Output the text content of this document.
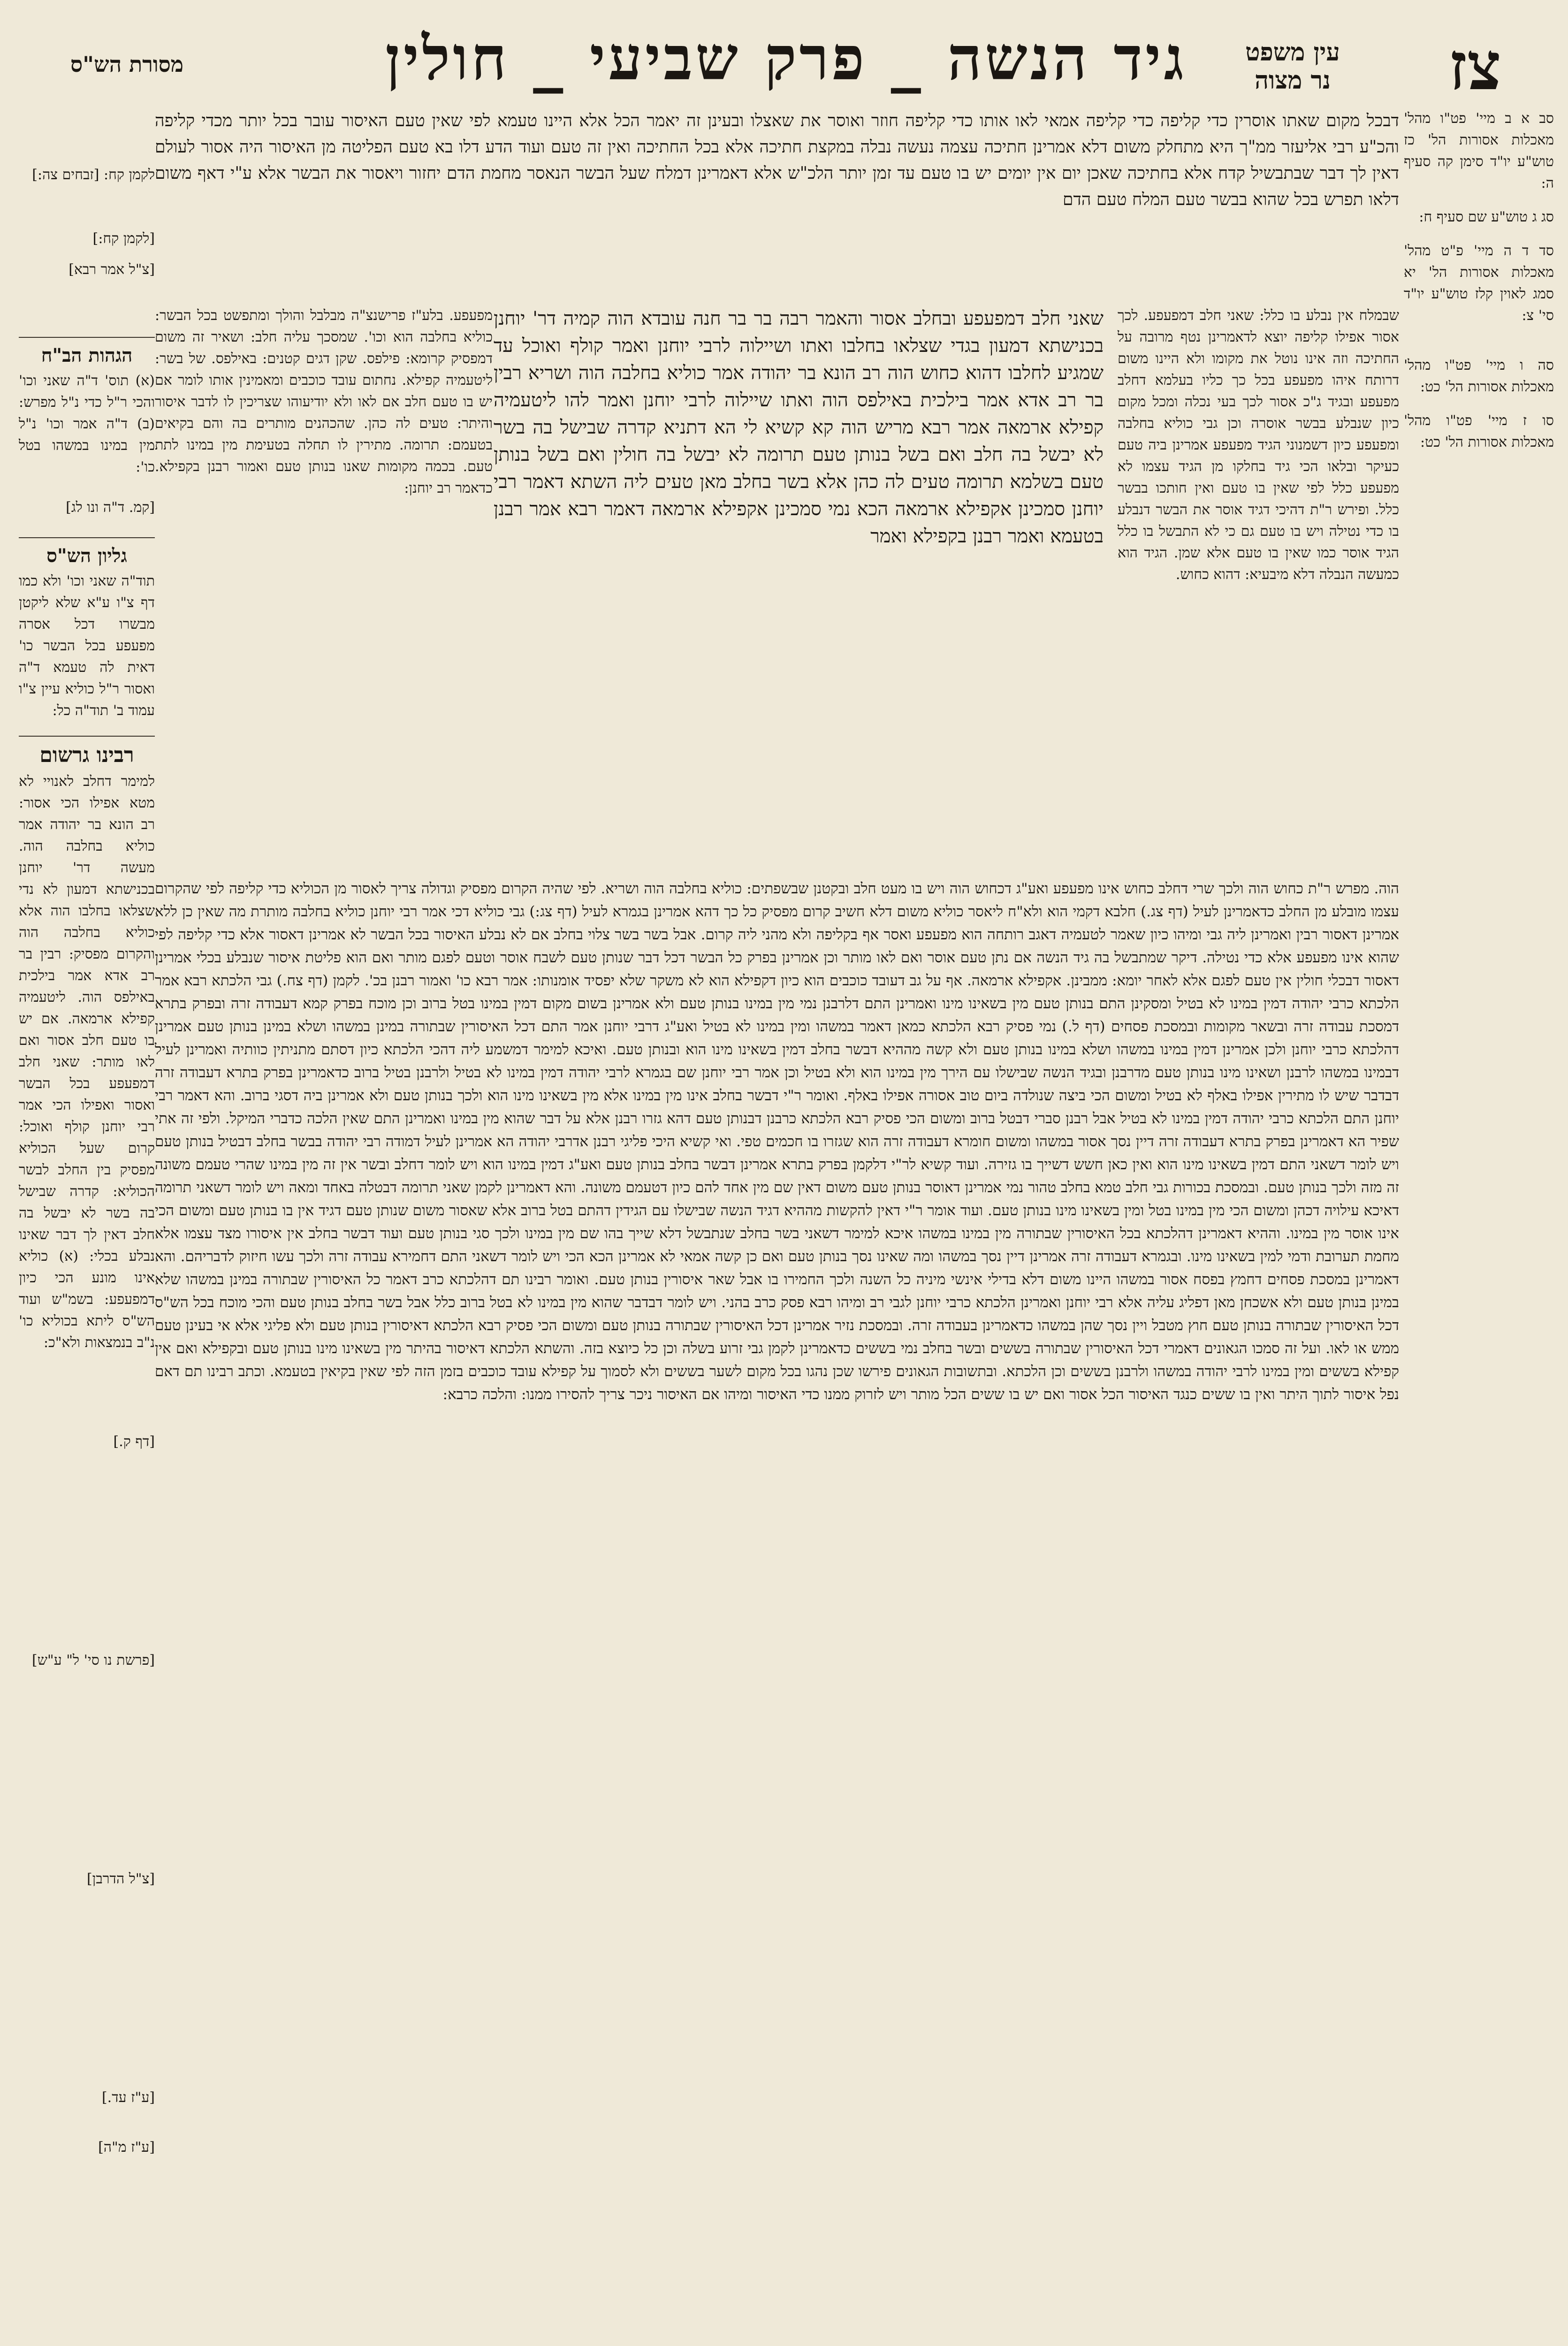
צז
עין משפט
נר מצוה
גיד הנשה _ פרק שביעי _ חולין
מסורת הש"ס
סב א ב מיי' פט"ו מהל' מאכלות אסורות הל' כז טוש"ע יו"ד סימן קה סעיף ה:
סג ג טוש"ע שם סעיף ח:
סד ד ה מיי' פ"ט מהל' מאכלות אסורות הל' יא סמג לאוין קלז טוש"ע יו"ד סי' צ:
סה ו מיי' פט"ו מהל' מאכלות אסורות הל' כט:
סו ז מיי' פט"ו מהל' מאכלות אסורות הל' כט:
לקמן קח: [זבחים צה:]
[לקמן קח:]
[צ"ל אמר רבא]
הגהות הב"ח
(א) תוס' ד"ה שאני וכו' והכי ר"ל כדי נ"ל מפרש: (ב) ד"ה אמר וכו' נ"ל מין במינו במשהו בטל כו':
[קמ. ד"ה ונו לג]
גליון הש"ס
תוד"ה שאני וכו' ולא כמו דף צ"ו ע"א שלא ליקטן מבשרו דכל אסרה מפעפע בכל הבשר כו' דאית לה טעמא ד"ה ואסור ר"ל כוליא עיין צ"ו עמוד ב' תוד"ה כל:
רבינו גרשום
למימר דחלב לאנויי לא מטא אפילו הכי אסור: רב הונא בר יהודה אמר כוליא בחלבה הוה. מעשה דר' יוחנן בכנישתא דמעון לא נדי שצלאו בחלבו הוה אלא כוליא בחלבה הוה והקרום מפסיק: רבין בר רב אדא אמר בילכית באילפס הוה. ליטעמיה קפילא ארמאה. אם יש בו טעם חלב אסור ואם לאו מותר: שאני חלב דמפעפע בכל הבשר ואסור ואפילו הכי אמר רבי יוחנן קולף ואוכל: קרום שעל הכוליא מפסיק בין החלב לבשר הכוליא: קדרה שבישל בה בשר לא יבשל בה חלב דאין לך דבר שאינו נבלע בכלי: (א) כוליא אינו מונע הכי כיון דמפעפע: בשמ"ש ועוד הש"ס ליתא בכוליא כו' נ"ב בנמצאות ולא"כ:
דבכל מקום שאתו אוסרין כדי קליפה כדי קליפה אמאי לאו אותו כדי קליפה חוזר ואוסר את שאצלו ובעינן זה יאמר הכל אלא היינו טעמא לפי שאין טעם האיסור עובר בכל יותר מכדי קליפה והכ"ע רבי אליעזר ממ"ך היא מתחלק משום דלא אמרינן חתיכה עצמה נעשה נבלה במקצת חתיכה אלא בכל החתיכה ואין זה טעם ועוד הדע דלו בא טעם הפליטה מן האיסור היה אסור לעולם דאין לך דבר שבתבשיל קדח אלא בחתיכה שאכן יום אין יומים יש בו טעם עד זמן יותר הלכ"ש אלא דאמרינן דמלח שעל הבשר הנאסר מחמת הדם יחזור ויאסור את הבשר אלא ע"י דאף משום דלאו תפרש בכל שהוא בבשר טעם המלח טעם הדם
שבמלח אין נבלע בו כלל: שאני חלב דמפעפע. לכך אסור אפילו קליפה יוצא לדאמרינן נטף מרובה על החתיכה וזה אינו נוטל את מקומו ולא היינו משום דרותח איהו מפעפע בכל כך כליו בעלמא דחלב מפעפע ובגיד ג"כ אסור לכך בעי נכלה ומכל מקום כיון שנבלע בבשר אוסרה וכן גבי כוליא בחלבה ומפעפע כיון דשמנוני הגיד מפעפע אמרינן ביה טעם כעיקר ובלאו הכי גיד בחלקו מן הגיד עצמו לא מפעפע כלל לפי שאין בו טעם ואין חותכו בבשר כלל. ופירש ר"ת דהיכי דגיד אוסר את הבשר דנבלע בו כדי נטילה ויש בו טעם גם כי לא התבשל בו כלל הגיד אוסר כמו שאין בו טעם אלא שמן. הגיד הוא כמעשה הנבלה דלא מיבעיא: דהוא כחוש.
שאני חלב דמפעפע ובחלב אסור והאמר רבה בר בר חנה עובדא הוה קמיה דר' יוחנן בכנישתא דמעון בגדי שצלאו בחלבו ואתו ושיילוה לרבי יוחנן ואמר קולף ואוכל עד שמגיע לחלבו דהוא כחוש הוה רב הונא בר יהודה אמר כוליא בחלבה הוה ושריא רבין בר רב אדא אמר בילכית באילפס הוה ואתו שיילוה לרבי יוחנן ואמר להו ליטעמיה קפילא ארמאה אמר רבא מריש הוה קא קשיא לי הא דתניא קדרה שבישל בה בשר לא יבשל בה חלב ואם בשל בנותן טעם תרומה לא יבשל בה חולין ואם בשל בנותן טעם בשלמא תרומה טעים לה כהן אלא בשר בחלב מאן טעים ליה השתא דאמר רבי יוחנן סמכינן אקפילא ארמאה הכא נמי סמכינן אקפילא ארמאה דאמר רבא אמר רבנן בטעמא ואמר רבנן בקפילא ואמר
מפעפע. בלע"ז פרישנצ"ה מבלבל והולך ומתפשט בכל הבשר: כוליא בחלבה הוא וכו'. שמסכך עליה חלב: ושאיר זה משום דמפסיק קרומא: פילפס. שקן דגים קטנים: באילפס. של בשר: ליטעמיה קפילא. נחתום עובד כוכבים ומאמינין אותו לומר אם יש בו טעם חלב אם לאו ולא יודיעוהו שצריכין לו לדבר איסור והיתר: טעים לה כהן. שהכהנים מותרים בה והם בקיאים בטעמם: תרומה. מתירין לו תחלה בטעימת מין במינו לתת טעם. בכמה מקומות שאנו בנותן טעם ואמור רבנן בקפילא. כדאמר רב יוחנן:
הוה. מפרש ר"ת כחוש הוה ולכך שרי דחלב כחוש אינו מפעפע ואע"ג דכחוש הוה ויש בו מעט חלב ובקטנן שבשפתים: כוליא בחלבה הוה ושריא. לפי שהיה הקרום מפסיק וגדולה צריך לאסור מן הכוליא כדי קליפה לפי שהקרום עצמו מובלע מן החלב כדאמרינן לעיל (דף צג.) חלבא דקמי הוא ולא"ח ליאסר כוליא משום דלא חשיב קרום מפסיק כל כך דהא אמרינן בגמרא לעיל (דף צג:) גבי כוליא דכי אמר רבי יוחנן כוליא בחלבה מותרת מה שאין כן ללא אמרינן דאסור רבין ואמרינן ליה גבי ומיהו כיון שאמר לטעמיה דאגב רותחה הוא מפעפע ואסר אף בקליפה ולא מהני ליה קרום. אבל בשר בשר צלוי בחלב אם לא נבלע האיסור בכל הבשר לא אמרינן דאסור אלא כדי קליפה לפי שהוא אינו מפעפע אלא כדי נטילה. דיקר שמתבשל בה גיד הנשה אם נתן טעם אוסר ואם לאו מותר וכן אמרינן בפרק כל הבשר דכל דבר שנותן טעם לשבח אוסר וטעם לפגם מותר ואם הוא פליטת איסור שנבלע בכלי אמרינן דאסור דבכלי חולין אין טעם לפגם אלא לאחר יומא: ממבינן. אקפילא ארמאה. אף על גב דעובד כוכבים הוא כיון דקפילא הוא לא משקר שלא יפסיד אומנותו: אמר רבא כו' ואמור רבנן בכ'. לקמן (דף צח.) גבי הלכתא רבא אמר הלכתא כרבי יהודה דמין במינו לא בטיל ומסקינן התם בנותן טעם מין בשאינו מינו ואמרינן התם דלרבנן נמי מין במינו בנותן טעם ולא אמרינן בשום מקום דמין במינו בטל ברוב וכן מוכח בפרק קמא דעבודה זרה ובפרק בתרא דמסכת עבודה זרה ובשאר מקומות ובמסכת פסחים (דף ל.) נמי פסיק רבא הלכתא כמאן דאמר במשהו ומין במינו לא בטיל ואע"ג דרבי יוחנן אמר התם דכל האיסורין שבתורה במינן במשהו ושלא במינן בנותן טעם אמרינן דהלכתא כרבי יוחנן ולכן אמרינן דמין במינו במשהו ושלא במינו בנותן טעם ולא קשה מההיא דבשר בחלב דמין בשאינו מינו הוא ובנותן טעם. ואיכא למימר דמשמע ליה דהכי הלכתא כיון דסתם מתניתין כוותיה ואמרינן לעיל דבמינו במשהו לרבנן ושאינו מינו בנותן טעם מדרבנן ובגיד הנשה שבישלו עם הירך מין במינו הוא ולא בטיל וכן אמר רבי יוחנן שם בגמרא לרבי יהודה דמין במינו לא בטיל ולרבנן בטיל ברוב כדאמרינן בפרק בתרא דעבודה זרה דבדבר שיש לו מתירין אפילו באלף לא בטיל ומשום הכי ביצה שנולדה ביום טוב אסורה אפילו באלף. ואומר ר"י דבשר בחלב אינו מין במינו אלא מין בשאינו מינו הוא ולכך בנותן טעם ולא אמרינן ביה דסגי ברוב. והא דאמר רבי יוחנן התם הלכתא כרבי יהודה דמין במינו לא בטיל אבל רבנן סברי דבטל ברוב ומשום הכי פסיק רבא הלכתא כרבנן דבנותן טעם דהא גזרו רבנן אלא על דבר שהוא מין במינו ואמרינן התם שאין הלכה כדברי המיקל. ולפי זה אתי שפיר הא דאמרינן בפרק בתרא דעבודה זרה דיין נסך אסור במשהו ומשום חומרא דעבודה זרה הוא שגזרו בו חכמים טפי. ואי קשיא היכי פליגי רבנן אדרבי יהודה הא אמרינן לעיל דמודה רבי יהודה בבשר בחלב דבטיל בנותן טעם ויש לומר דשאני התם דמין בשאינו מינו הוא ואין כאן חשש דשייך בו גזירה. ועוד קשיא לר"י דלקמן בפרק בתרא אמרינן דבשר בחלב בנותן טעם ואע"ג דמין במינו הוא ויש לומר דחלב ובשר אין זה מין במינו שהרי טעמם משונה זה מזה ולכך בנותן טעם. ובמסכת בכורות גבי חלב טמא בחלב טהור נמי אמרינן דאוסר בנותן טעם משום דאין שם מין אחד להם כיון דטעמם משונה. והא דאמרינן לקמן שאני תרומה דבטלה באחד ומאה ויש לומר דשאני תרומה דאיכא עילויה דכהן ומשום הכי מין במינו בטל ומין בשאינו מינו בנותן טעם. ועוד אומר ר"י דאין להקשות מההיא דגיד הנשה שבישלו עם הגידין דהתם בטל ברוב אלא שאסור משום שנותן טעם דגיד אין בו בנותן טעם ומשום הכי אינו אוסר מין במינו. וההיא דאמרינן דהלכתא בכל האיסורין שבתורה מין במינו במשהו איכא למימר דשאני בשר בחלב שנתבשל דלא שייך בהו שם מין במינו ולכך סגי בנותן טעם ועוד דבשר בחלב אין איסורו מצד עצמו אלא מחמת תערובת ודמי למין בשאינו מינו. ובגמרא דעבודה זרה אמרינן דיין נסך במשהו ומה שאינו נסך בנותן טעם ואם כן קשה אמאי לא אמרינן הכא הכי ויש לומר דשאני התם דחמירא עבודה זרה ולכך עשו חיזוק לדבריהם. והא דאמרינן במסכת פסחים דחמץ בפסח אסור במשהו היינו משום דלא בדילי אינשי מיניה כל השנה ולכך החמירו בו אבל שאר איסורין בנותן טעם. ואומר רבינו תם דהלכתא כרב דאמר כל האיסורין שבתורה במינן במשהו שלא במינן בנותן טעם ולא אשכחן מאן דפליג עליה אלא רבי יוחנן ואמרינן הלכתא כרבי יוחנן לגבי רב ומיהו רבא פסק כרב בהני. ויש לומר דבדבר שהוא מין במינו לא בטל ברוב כלל אבל בשר בחלב בנותן טעם והכי מוכח בכל הש"ס דכל האיסורין שבתורה בנותן טעם חוץ מטבל ויין נסך שהן במשהו כדאמרינן בעבודה זרה. ובמסכת נזיר אמרינן דכל האיסורין שבתורה בנותן טעם ומשום הכי פסיק רבא הלכתא דאיסורין בנותן טעם ולא פליגי אלא אי בעינן טעם ממש או לאו. ועל זה סמכו הגאונים דאמרי דכל האיסורין שבתורה בששים ובשר בחלב נמי בששים כדאמרינן לקמן גבי זרוע בשלה וכן כל כיוצא בזה. והשתא הלכתא דאיסור בהיתר מין בשאינו מינו בנותן טעם ובקפילא ואם אין קפילא בששים ומין במינו לרבי יהודה במשהו ולרבנן בששים וכן הלכתא. ובתשובות הגאונים פירשו שכן נהגו בכל מקום לשער בששים ולא לסמוך על קפילא עובד כוכבים בזמן הזה לפי שאין בקיאין בטעמא. וכתב רבינו תם דאם נפל איסור לתוך היתר ואין בו ששים כנגד האיסור הכל אסור ואם יש בו ששים הכל מותר ויש לזרוק ממנו כדי האיסור ומיהו אם האיסור ניכר צריך להסירו ממנו: והלכה כרבא:
[דף ק.]
[פרשת נו סי' ל" ע"ש]
[צ"ל הדרבן]
[ע"ז עד.]
[ע"ז מ"ה]
